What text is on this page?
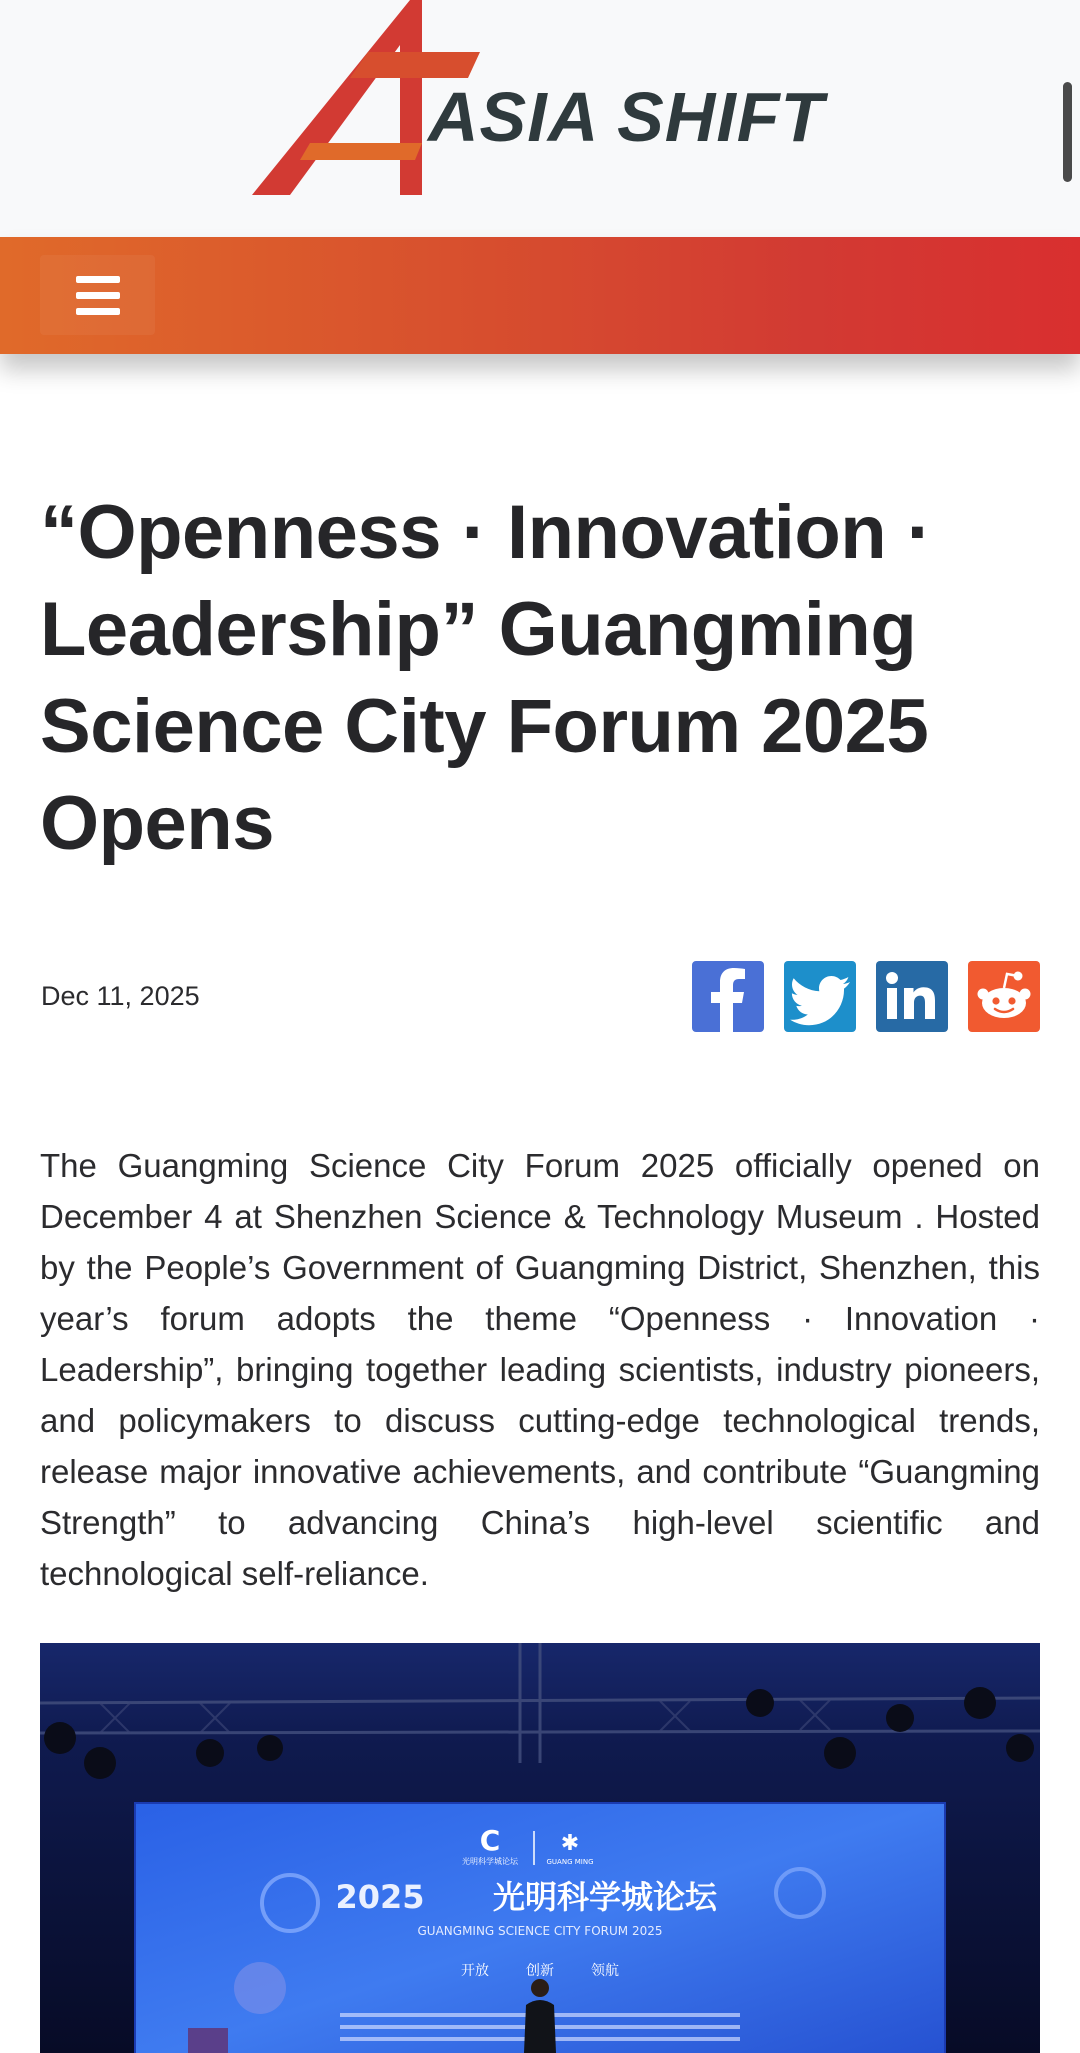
ASIA SHIFT
“Openness · Innovation · Leadership” Guangming Science City Forum 2025 Opens
Dec 11, 2025

The Guangming Science City Forum 2025 officially opened on December 4 at Shenzhen Science & Technology Museum . Hosted by the People’s Government of Guangming District, Shenzhen, this year’s forum adopts the theme “Openness · Innovation · Leadership”, bringing together leading scientists, industry pioneers, and policymakers to discuss cutting-edge technological trends, release major innovative achievements, and contribute “Guangming Strength” to advancing China’s high-level scientific and technological self-reliance.

C
光明科学城论坛
✱
GUANG MING
2025 光明科学城论坛
GUANGMING SCIENCE CITY FORUM 2025
开放	创新	领航
